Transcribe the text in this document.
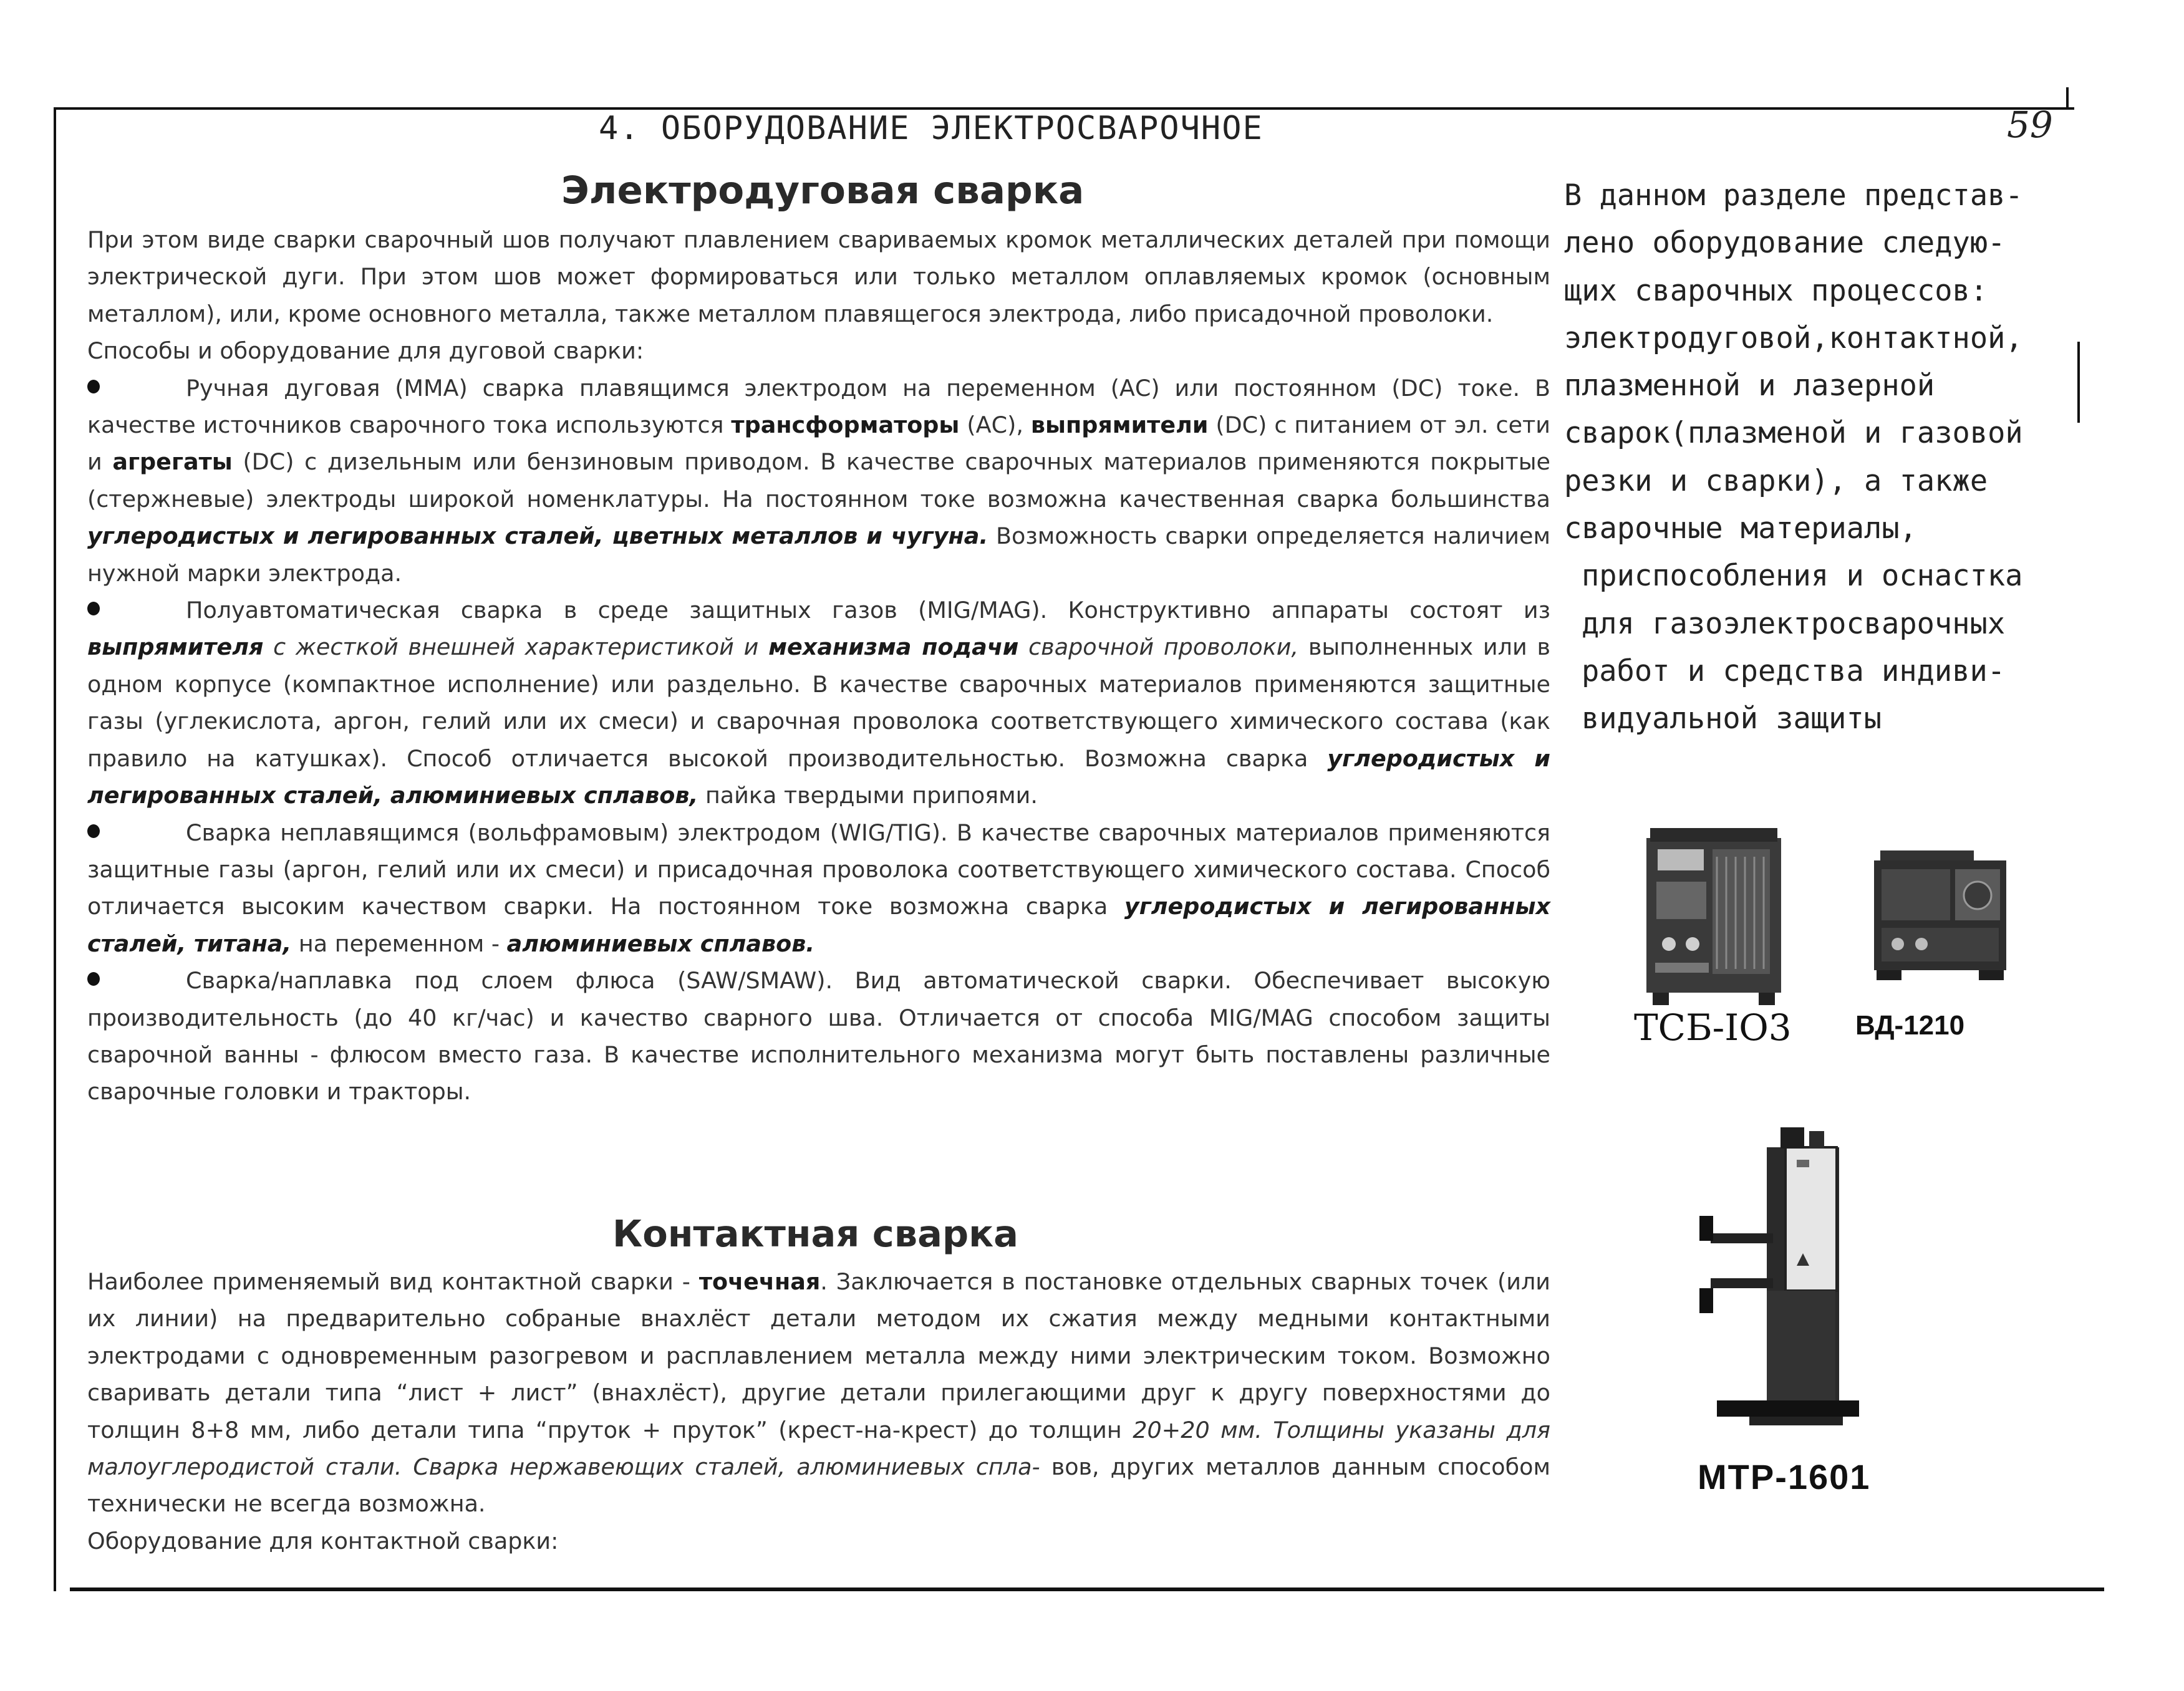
4. ОБОРУДОВАНИЕ ЭЛЕКТРОСВАРОЧНОЕ	59
Электродуговая сварка

При этом виде сварки сварочный шов получают плавлением свариваемых кромок металлических деталей при помощи электрической дуги. При этом шов может формироваться или только металлом оплавляемых кромок (основным металлом), или, кроме основного металла, также металлом плавящегося электрода, либо присадочной проволоки.

Способы и оборудование для дуговой сварки:

Ручная дуговая (ММА) сварка плавящимся электродом на переменном (АС) или постоянном (DC) токе. В качестве источников сварочного тока используются трансформаторы (АС), выпрямители (DC) с питанием от эл. сети и агрегаты (DC) с дизельным или бензиновым приводом. В качестве сварочных материалов применяются покрытые (стержневые) электроды широкой номенклатуры. На постоянном токе возможна качественная сварка большинства углеродистых и легированных сталей, цветных металлов и чугуна. Возможность сварки определяется наличием нужной марки электрода.

Полуавтоматическая сварка в среде защитных газов (MIG/MAG). Конструктивно аппараты состоят из выпрямителя с жесткой внешней характеристикой и механизма подачи сварочной проволоки, выполненных или в одном корпусе (компактное исполнение) или раздельно. В качестве сварочных материалов применяются защитные газы (углекислота, аргон, гелий или их смеси) и сварочная проволока соответствующего химического состава (как правило на катушках). Способ отличается высокой производительностью. Возможна сварка углеродистых и легированных сталей, алюминиевых сплавов, пайка твердыми припоями.

Сварка неплавящимся (вольфрамовым) электродом (WIG/TIG). В качестве сварочных материалов применяются защитные газы (аргон, гелий или их смеси) и присадочная проволока соответствующего химического состава. Способ отличается высоким качеством сварки. На постоянном токе возможна сварка углеродистых и легированных сталей, титана, на переменном - алюминиевых сплавов.

Сварка/наплавка под слоем флюса (SAW/SMAW). Вид автоматической сварки. Обеспечивает высокую производительность (до 40 кг/час) и качество сварного шва. Отличается от способа MIG/MAG способом защиты сварочной ванны - флюсом вместо газа. В качестве исполнительного механизма могут быть поставлены различные сварочные головки и тракторы.

Контактная сварка

Наиболее применяемый вид контактной сварки - точечная. Заключается в постановке отдельных сварных точек (или их линии) на предварительно собраные внахлёст детали методом их сжатия между медными контактными электродами с одновременным разогревом и расплавлением металла между ними электрическим током. Возможно сваривать детали типа “лист + лист” (внахлёст), другие детали прилегающими друг к другу поверхностями до толщин 8+8 мм, либо детали типа “пруток + пруток” (крест-на-крест) до толщин 20+20 мм. Толщины указаны для малоуглеродистой стали. Сварка нержавеющих сталей, алюминиевых спла- вов, других металлов данным способом технически не всегда возможна.

Оборудование для контактной сварки:

В данном разделе представ-
лено оборудование следую-
щих сварочных процессов:
электродуговой,контактной,
плазменной и лазерной
сварок(плазменой и газовой
резки и сварки), а также
сварочные материалы,
приспособления и оснастка
для газоэлектросварочных
работ и средства индиви-
видуальной защиты
ТСБ-IO3 ВД-1210
МТР-1601
